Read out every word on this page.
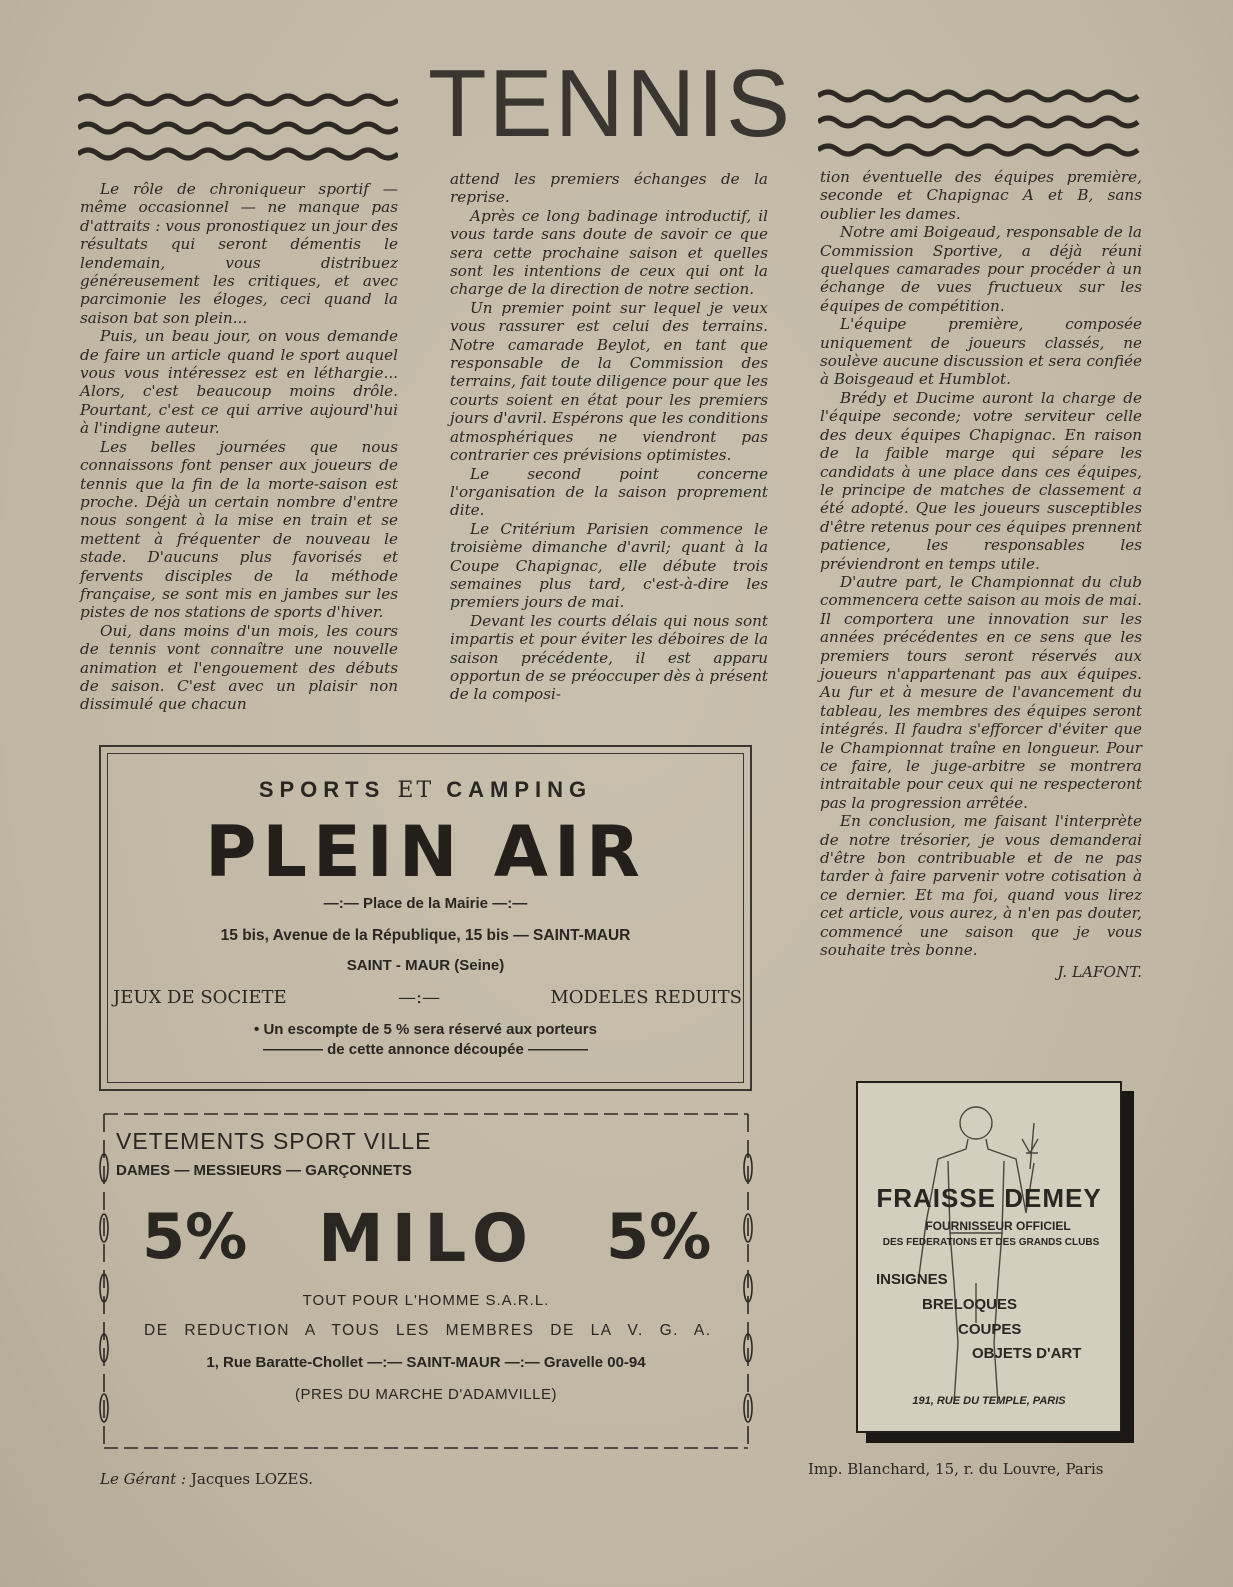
TENNIS

Le rôle de chroniqueur sportif — même occasionnel — ne manque pas d'attraits : vous pronostiquez un jour des résultats qui seront démentis le lendemain, vous distribuez généreusement les critiques, et avec parcimonie les éloges, ceci quand la saison bat son plein...

Puis, un beau jour, on vous demande de faire un article quand le sport auquel vous vous intéressez est en léthargie... Alors, c'est beaucoup moins drôle. Pourtant, c'est ce qui arrive aujourd'hui à l'indigne auteur.

Les belles journées que nous connaissons font penser aux joueurs de tennis que la fin de la morte-saison est proche. Déjà un certain nombre d'entre nous songent à la mise en train et se mettent à fréquenter de nouveau le stade. D'aucuns plus favorisés et fervents disciples de la méthode française, se sont mis en jambes sur les pistes de nos stations de sports d'hiver.

Oui, dans moins d'un mois, les cours de tennis vont connaître une nouvelle animation et l'engouement des débuts de saison. C'est avec un plaisir non dissimulé que chacun

attend les premiers échanges de la reprise.

Après ce long badinage introductif, il vous tarde sans doute de savoir ce que sera cette prochaine saison et quelles sont les intentions de ceux qui ont la charge de la direction de notre section.

Un premier point sur lequel je veux vous rassurer est celui des terrains. Notre camarade Beylot, en tant que responsable de la Commission des terrains, fait toute diligence pour que les courts soient en état pour les premiers jours d'avril. Espérons que les conditions atmosphériques ne viendront pas contrarier ces prévisions optimistes.

Le second point concerne l'organisation de la saison proprement dite.

Le Critérium Parisien commence le troisième dimanche d'avril; quant à la Coupe Chapignac, elle débute trois semaines plus tard, c'est-à-dire les premiers jours de mai.

Devant les courts délais qui nous sont impartis et pour éviter les déboires de la saison précédente, il est apparu opportun de se préoccuper dès à présent de la composi-

tion éventuelle des équipes première, seconde et Chapignac A et B, sans oublier les dames.

Notre ami Boigeaud, responsable de la Commission Sportive, a déjà réuni quelques camarades pour procéder à un échange de vues fructueux sur les équipes de compétition.

L'équipe première, composée uniquement de joueurs classés, ne soulève aucune discussion et sera confiée à Boisgeaud et Humblot.

Brédy et Ducime auront la charge de l'équipe seconde; votre serviteur celle des deux équipes Chapignac. En raison de la faible marge qui sépare les candidats à une place dans ces équipes, le principe de matches de classement a été adopté. Que les joueurs susceptibles d'être retenus pour ces équipes prennent patience, les responsables les préviendront en temps utile.

D'autre part, le Championnat du club commencera cette saison au mois de mai. Il comportera une innovation sur les années précédentes en ce sens que les premiers tours seront réservés aux joueurs n'appartenant pas aux équipes. Au fur et à mesure de l'avancement du tableau, les membres des équipes seront intégrés. Il faudra s'efforcer d'éviter que le Championnat traîne en longueur. Pour ce faire, le juge-arbitre se montrera intraitable pour ceux qui ne respecteront pas la progression arrêtée.

En conclusion, me faisant l'interprète de notre trésorier, je vous demanderai d'être bon contribuable et de ne pas tarder à faire parvenir votre cotisation à ce dernier. Et ma foi, quand vous lirez cet article, vous aurez, à n'en pas douter, commencé une saison que je vous souhaite très bonne.

J. LAFONT.

SPORTS ET CAMPING
PLEIN AIR
—:— Place de la Mairie —:—
15 bis, Avenue de la République, 15 bis — SAINT-MAUR
SAINT - MAUR (Seine)
JEUX DE SOCIETE	—:—	MODELES REDUITS
• Un escompte de 5 % sera réservé aux porteurs
———— de cette annonce découpée ————
VETEMENTS SPORT VILLE
DAMES — MESSIEURS — GARÇONNETS
5%	MILO	5%
TOUT POUR L'HOMME S.A.R.L.
DE REDUCTION A TOUS LES MEMBRES DE LA V. G. A.
1, Rue Baratte-Chollet —:— SAINT-MAUR —:— Gravelle 00-94
(PRES DU MARCHE D'ADAMVILLE)
FRAISSE DEMEY
FOURNISSEUR OFFICIEL
DES FEDERATIONS ET DES GRANDS CLUBS
INSIGNES
BRELOQUES
COUPES
OBJETS D'ART
191, RUE DU TEMPLE, PARIS
Le Gérant : Jacques LOZES.
Imp. Blanchard, 15, r. du Louvre, Paris
